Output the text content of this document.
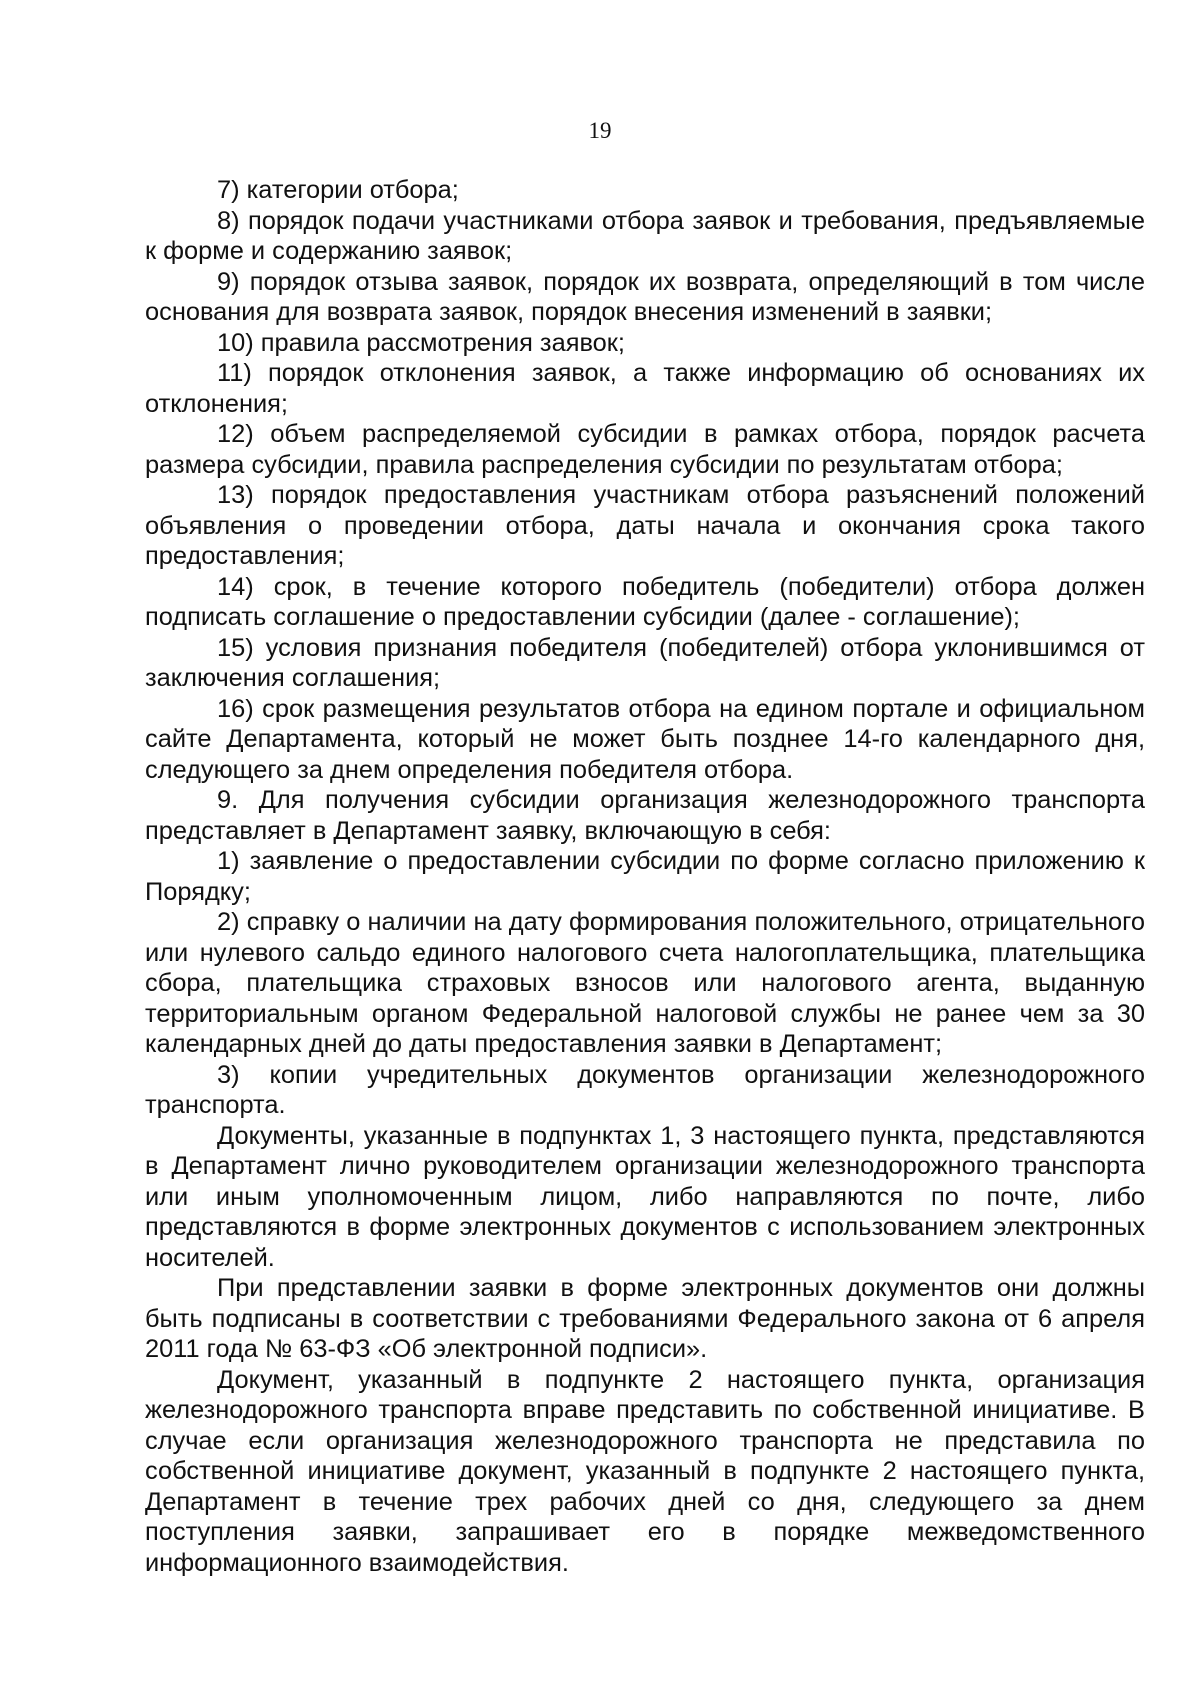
19

7) категории отбора;

8) порядок подачи участниками отбора заявок и требования, предъявляемые к форме и содержанию заявок;

9) порядок отзыва заявок, порядок их возврата, определяющий в том числе основания для возврата заявок, порядок внесения изменений в заявки;

10) правила рассмотрения заявок;

11) порядок отклонения заявок, а также информацию об основаниях их отклонения;

12) объем распределяемой субсидии в рамках отбора, порядок расчета размера субсидии, правила распределения субсидии по результатам отбора;

13) порядок предоставления участникам отбора разъяснений положений объявления о проведении отбора, даты начала и окончания срока такого предоставления;

14) срок, в течение которого победитель (победители) отбора должен подписать соглашение о предоставлении субсидии (далее - соглашение);

15) условия признания победителя (победителей) отбора уклонившимся от заключения соглашения;

16) срок размещения результатов отбора на едином портале и официальном сайте Департамента, который не может быть позднее 14-го календарного дня, следующего за днем определения победителя отбора.

9. Для получения субсидии организация железнодорожного транспорта представляет в Департамент заявку, включающую в себя:

1) заявление о предоставлении субсидии по форме согласно приложению к Порядку;

2) справку о наличии на дату формирования положительного, отрицательного или нулевого сальдо единого налогового счета налогоплательщика, плательщика сбора, плательщика страховых взносов или налогового агента, выданную территориальным органом Федеральной налоговой службы не ранее чем за 30 календарных дней до даты предоставления заявки в Департамент;

3) копии учредительных документов организации железнодорожного транспорта.

Документы, указанные в подпунктах 1, 3 настоящего пункта, представляются в Департамент лично руководителем организации железнодорожного транспорта или иным уполномоченным лицом, либо направляются по почте, либо представляются в форме электронных документов с использованием электронных носителей.

При представлении заявки в форме электронных документов они должны быть подписаны в соответствии с требованиями Федерального закона от 6 апреля 2011 года № 63-ФЗ «Об электронной подписи».

Документ, указанный в подпункте 2 настоящего пункта, организация железнодорожного транспорта вправе представить по собственной инициативе. В случае если организация железнодорожного транспорта не представила по собственной инициативе документ, указанный в подпункте 2 настоящего пункта, Департамент в течение трех рабочих дней со дня, следующего за днем поступления заявки, запрашивает его в порядке межведомственного информационного взаимодействия.
